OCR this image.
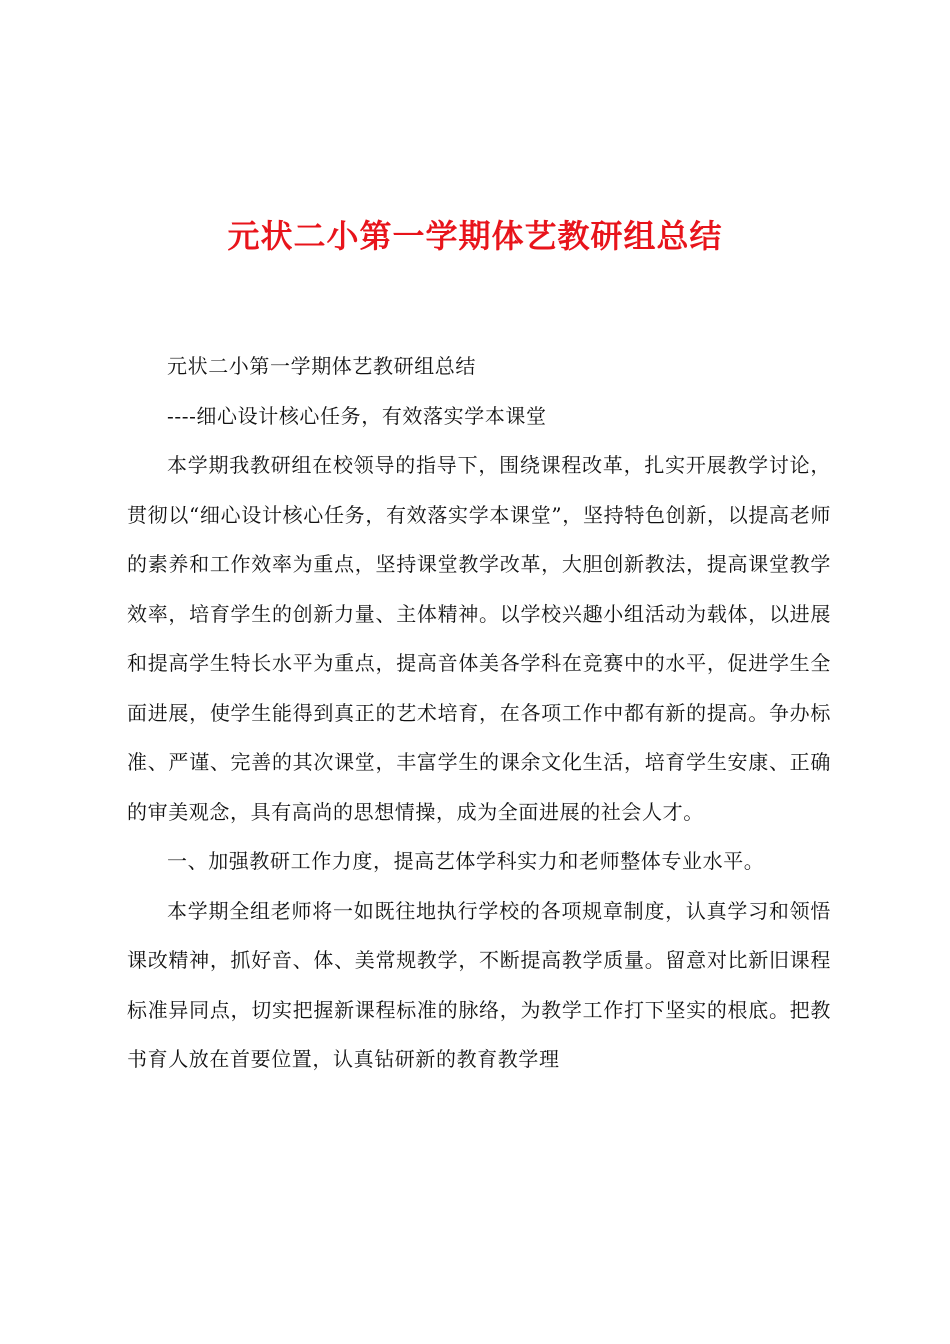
元状二小第一学期体艺教研组总结

元状二小第一学期体艺教研组总结

----细心设计核心任务，有效落实学本课堂

本学期我教研组在校领导的指导下，围绕课程改革，扎实开展教学讨论，贯彻以“细心设计核心任务，有效落实学本课堂”，坚持特色创新，以提高老师的素养和工作效率为重点，坚持课堂教学改革，大胆创新教法，提高课堂教学效率，培育学生的创新力量、主体精神。以学校兴趣小组活动为载体，以进展和提高学生特长水平为重点，提高音体美各学科在竞赛中的水平，促进学生全面进展，使学生能得到真正的艺术培育，在各项工作中都有新的提高。争办标准、严谨、完善的其次课堂，丰富学生的课余文化生活，培育学生安康、正确的审美观念，具有高尚的思想情操，成为全面进展的社会人才。

一、加强教研工作力度，提高艺体学科实力和老师整体专业水平。

本学期全组老师将一如既往地执行学校的各项规章制度，认真学习和领悟课改精神，抓好音、体、美常规教学，不断提高教学质量。留意对比新旧课程标准异同点，切实把握新课程标准的脉络，为教学工作打下坚实的根底。把教书育人放在首要位置，认真钻研新的教育教学理
